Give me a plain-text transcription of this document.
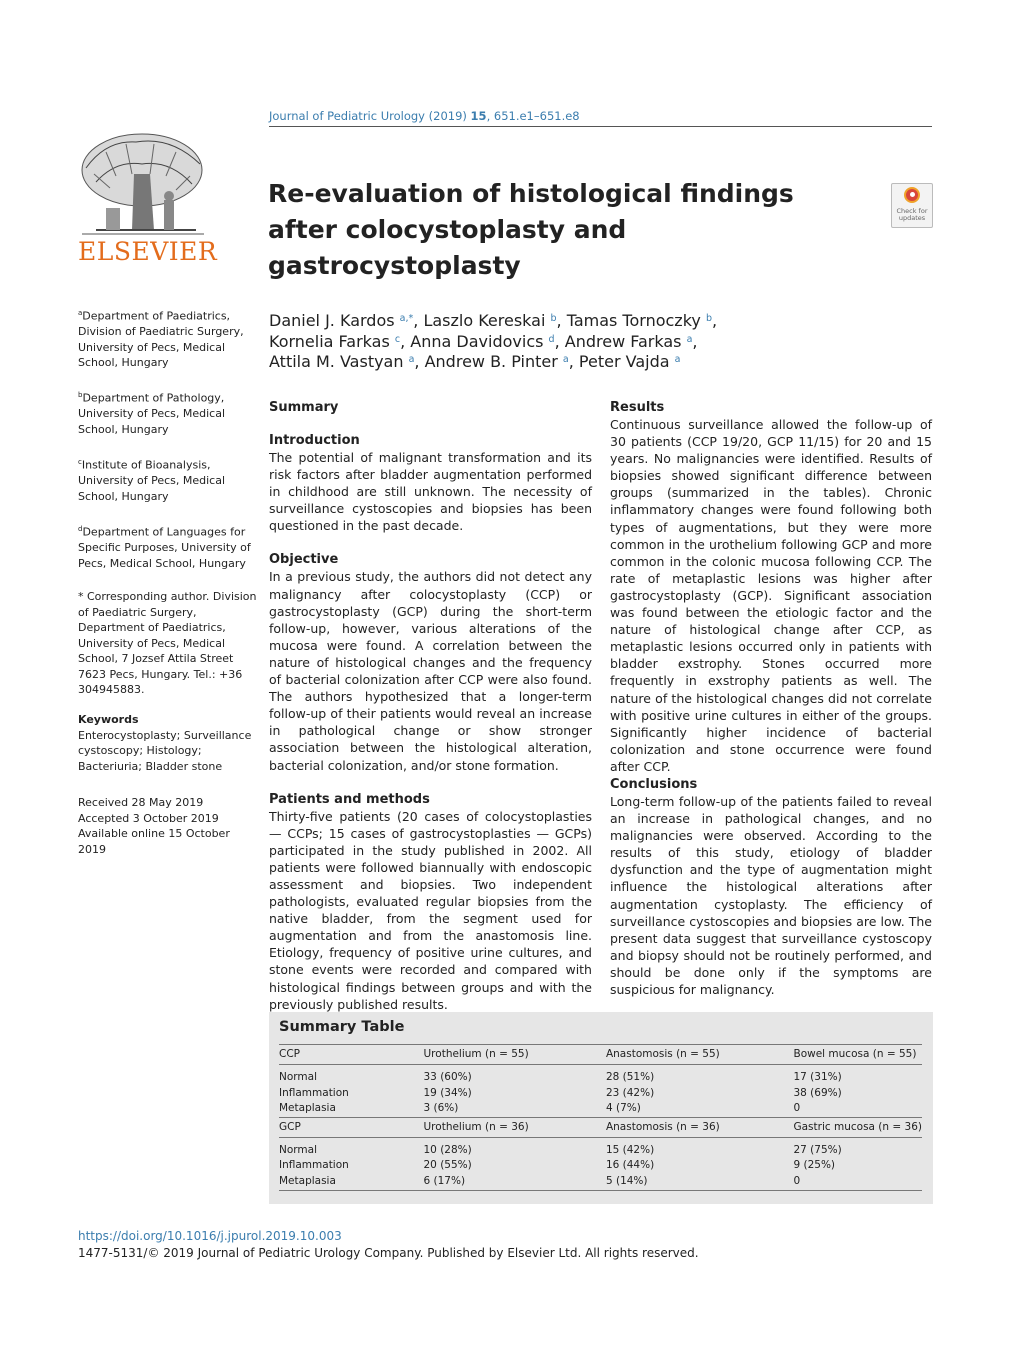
Journal of Pediatric Urology (2019) 15, 651.e1–651.e8
ELSEVIER
Re-evaluation of histological findings after colocystoplasty and gastrocystoplasty
Check for updates
Daniel J. Kardos $^{a,*}$, Laszlo Kereskai $^b$, Tamas Tornoczky $^b$,
Kornelia Farkas $^c$, Anna Davidovics $^d$, Andrew Farkas $^a$,
Attila M. Vastyan $^a$, Andrew B. Pinter $^a$, Peter Vajda $^a$
$^a$Department of Paediatrics, Division of Paediatric Surgery, University of Pecs, Medical School, Hungary
$^b$Department of Pathology, University of Pecs, Medical School, Hungary
$^c$Institute of Bioanalysis, University of Pecs, Medical School, Hungary
$^d$Department of Languages for Specific Purposes, University of Pecs, Medical School, Hungary
* Corresponding author. Division of Paediatric Surgery, Department of Paediatrics, University of Pecs, Medical School, 7 Jozsef Attila Street 7623 Pecs, Hungary. Tel.: +36 304945883.
Keywords
Enterocystoplasty; Surveillance cystoscopy; Histology; Bacteriuria; Bladder stone
Received 28 May 2019
Accepted 3 October 2019
Available online 15 October 2019
Summary
Introduction

The potential of malignant transformation and its risk factors after bladder augmentation performed in childhood are still unknown. The necessity of surveillance cystoscopies and biopsies has been questioned in the past decade.

Objective

In a previous study, the authors did not detect any malignancy after colocystoplasty (CCP) or gastrocystoplasty (GCP) during the short-term follow-up, however, various alterations of the mucosa were found. A correlation between the nature of histological changes and the frequency of bacterial colonization after CCP were also found. The authors hypothesized that a longer-term follow-up of their patients would reveal an increase in pathological change or show stronger association between the histological alteration, bacterial colonization, and/or stone formation.

Patients and methods

Thirty-five patients (20 cases of colocystoplasties — CCPs; 15 cases of gastrocystoplasties — GCPs) participated in the study published in 2002. All patients were followed biannually with endoscopic assessment and biopsies. Two independent pathologists, evaluated regular biopsies from the native bladder, from the segment used for augmentation and from the anastomosis line. Etiology, frequency of positive urine cultures, and stone events were recorded and compared with histological findings between groups and with the previously published results.

Results

Continuous surveillance allowed the follow-up of 30 patients (CCP 19/20, GCP 11/15) for 20 and 15 years. No malignancies were identified. Results of biopsies showed significant difference between groups (summarized in the tables). Chronic inflammatory changes were found following both types of augmentations, but they were more common in the urothelium following GCP and more common in the colonic mucosa following CCP. The rate of metaplastic lesions was higher after gastrocystoplasty (GCP). Significant association was found between the etiologic factor and the nature of histological change after CCP, as metaplastic lesions occurred only in patients with bladder exstrophy. Stones occurred more frequently in exstrophy patients as well. The nature of the histological changes did not correlate with positive urine cultures in either of the groups. Significantly higher incidence of bacterial colonization and stone occurrence were found after CCP.

Conclusions

Long-term follow-up of the patients failed to reveal an increase in pathological changes, and no malignancies were observed. According to the results of this study, etiology of bladder dysfunction and the type of augmentation might influence the histological alterations after augmentation cystoplasty. The efficiency of surveillance cystoscopies and biopsies are low. The present data suggest that surveillance cystoscopy and biopsy should not be routinely performed, and should be done only if the symptoms are suspicious for malignancy.

Summary Table
CCP	Urothelium (n = 55)	Anastomosis (n = 55)	Bowel mucosa (n = 55)

Normal	33 (60%)	28 (51%)	17 (31%)
Inflammation	19 (34%)	23 (42%)	38 (69%)
Metaplasia	3 (6%)	4 (7%)	0
GCP	Urothelium (n = 36)	Anastomosis (n = 36)	Gastric mucosa (n = 36)

Normal	10 (28%)	15 (42%)	27 (75%)
Inflammation	20 (55%)	16 (44%)	9 (25%)
Metaplasia	6 (17%)	5 (14%)	0
https://doi.org/10.1016/j.jpurol.2019.10.003
1477-5131/© 2019 Journal of Pediatric Urology Company. Published by Elsevier Ltd. All rights reserved.
